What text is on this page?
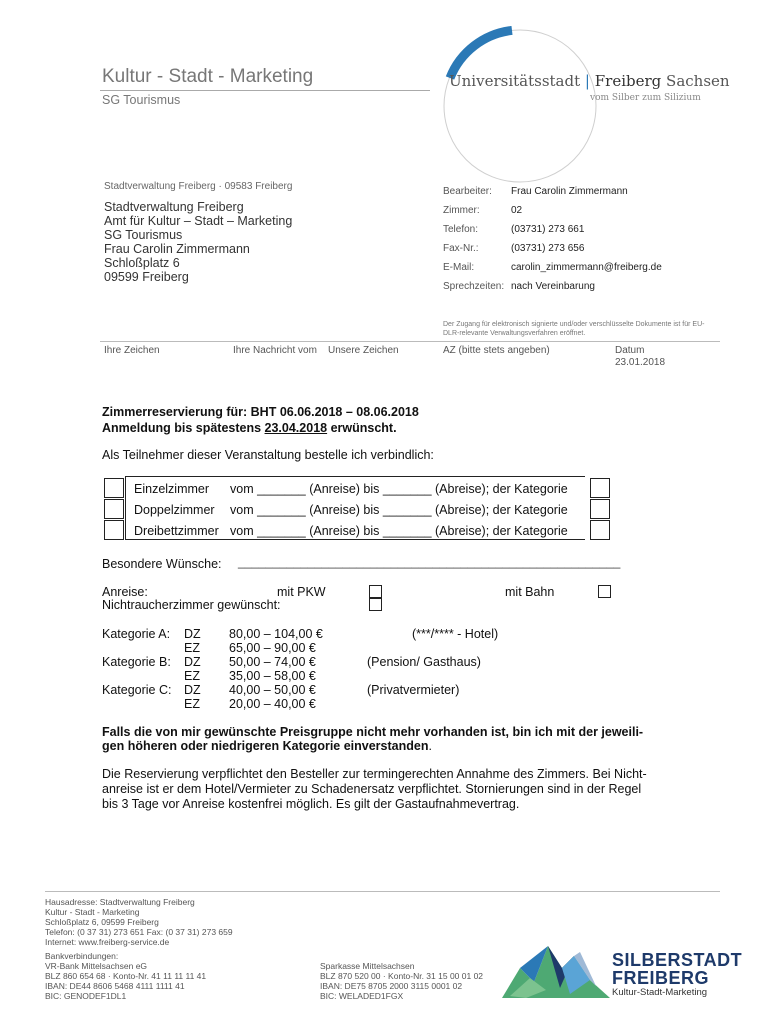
Kultur - Stadt - Marketing
SG Tourismus
Universitätsstadt | Freiberg Sachsen
vom Silber zum Silizium
Stadtverwaltung Freiberg · 09583 Freiberg
Stadtverwaltung Freiberg
Amt für Kultur – Stadt – Marketing
SG Tourismus
Frau Carolin Zimmermann
Schloßplatz 6
09599 Freiberg
Bearbeiter: Frau Carolin Zimmermann
Zimmer:	02
Telefon:	(03731) 273 661
Fax-Nr.:	(03731) 273 656
E-Mail:	carolin_zimmermann@freiberg.de
Sprechzeiten: nach Vereinbarung
Der Zugang für elektronisch signierte und/oder verschlüsselte Dokumente ist für EU-DLR-relevante Verwaltungsverfahren eröffnet.
Ihre Zeichen	Ihre Nachricht vom Unsere Zeichen	AZ (bitte stets angeben)	Datum
23.01.2018
Zimmerreservierung für: BHT 06.06.2018 – 08.06.2018
Anmeldung bis spätestens 23.04.2018 erwünscht.
Als Teilnehmer dieser Veranstaltung bestelle ich verbindlich:
Einzelzimmer vom _______ (Anreise) bis _______ (Abreise); der Kategorie
Doppelzimmer vom _______ (Anreise) bis _______ (Abreise); der Kategorie
Dreibettzimmer vom _______ (Anreise) bis _______ (Abreise); der Kategorie
Besondere Wünsche: _______________________________________________________
Anreise:	mit PKW	mit Bahn
Nichtraucherzimmer gewünscht:
Kategorie A: DZ 80,00 – 104,00 €	(***/**** - Hotel)
EZ 65,00 – 90,00 €
Kategorie B: DZ 50,00 – 74,00 €	(Pension/ Gasthaus)
EZ 35,00 – 58,00 €
Kategorie C: DZ 40,00 – 50,00 €	(Privatvermieter)
EZ 20,00 – 40,00 €
Falls die von mir gewünschte Preisgruppe nicht mehr vorhanden ist, bin ich mit der jeweili-
gen höheren oder niedrigeren Kategorie einverstanden.
Die Reservierung verpflichtet den Besteller zur termingerechten Annahme des Zimmers. Bei Nicht-
anreise ist er dem Hotel/Vermieter zu Schadenersatz verpflichtet. Stornierungen sind in der Regel
bis 3 Tage vor Anreise kostenfrei möglich. Es gilt der Gastaufnahmevertrag.
Hausadresse: Stadtverwaltung Freiberg
Kultur - Stadt - Marketing
Schloßplatz 6, 09599 Freiberg
Telefon: (0 37 31) 273 651 Fax: (0 37 31) 273 659
Internet: www.freiberg-service.de
Bankverbindungen:
VR-Bank Mittelsachsen eG
BLZ 860 654 68 · Konto-Nr. 41 11 11 11 41
IBAN: DE44 8606 5468 4111 1111 41
BIC: GENODEF1DL1
Sparkasse Mittelsachsen
BLZ 870 520 00 · Konto-Nr. 31 15 00 01 02
IBAN: DE75 8705 2000 3115 0001 02
BIC: WELADED1FGX
SILBERSTADT
FREIBERG
Kultur-Stadt-Marketing
